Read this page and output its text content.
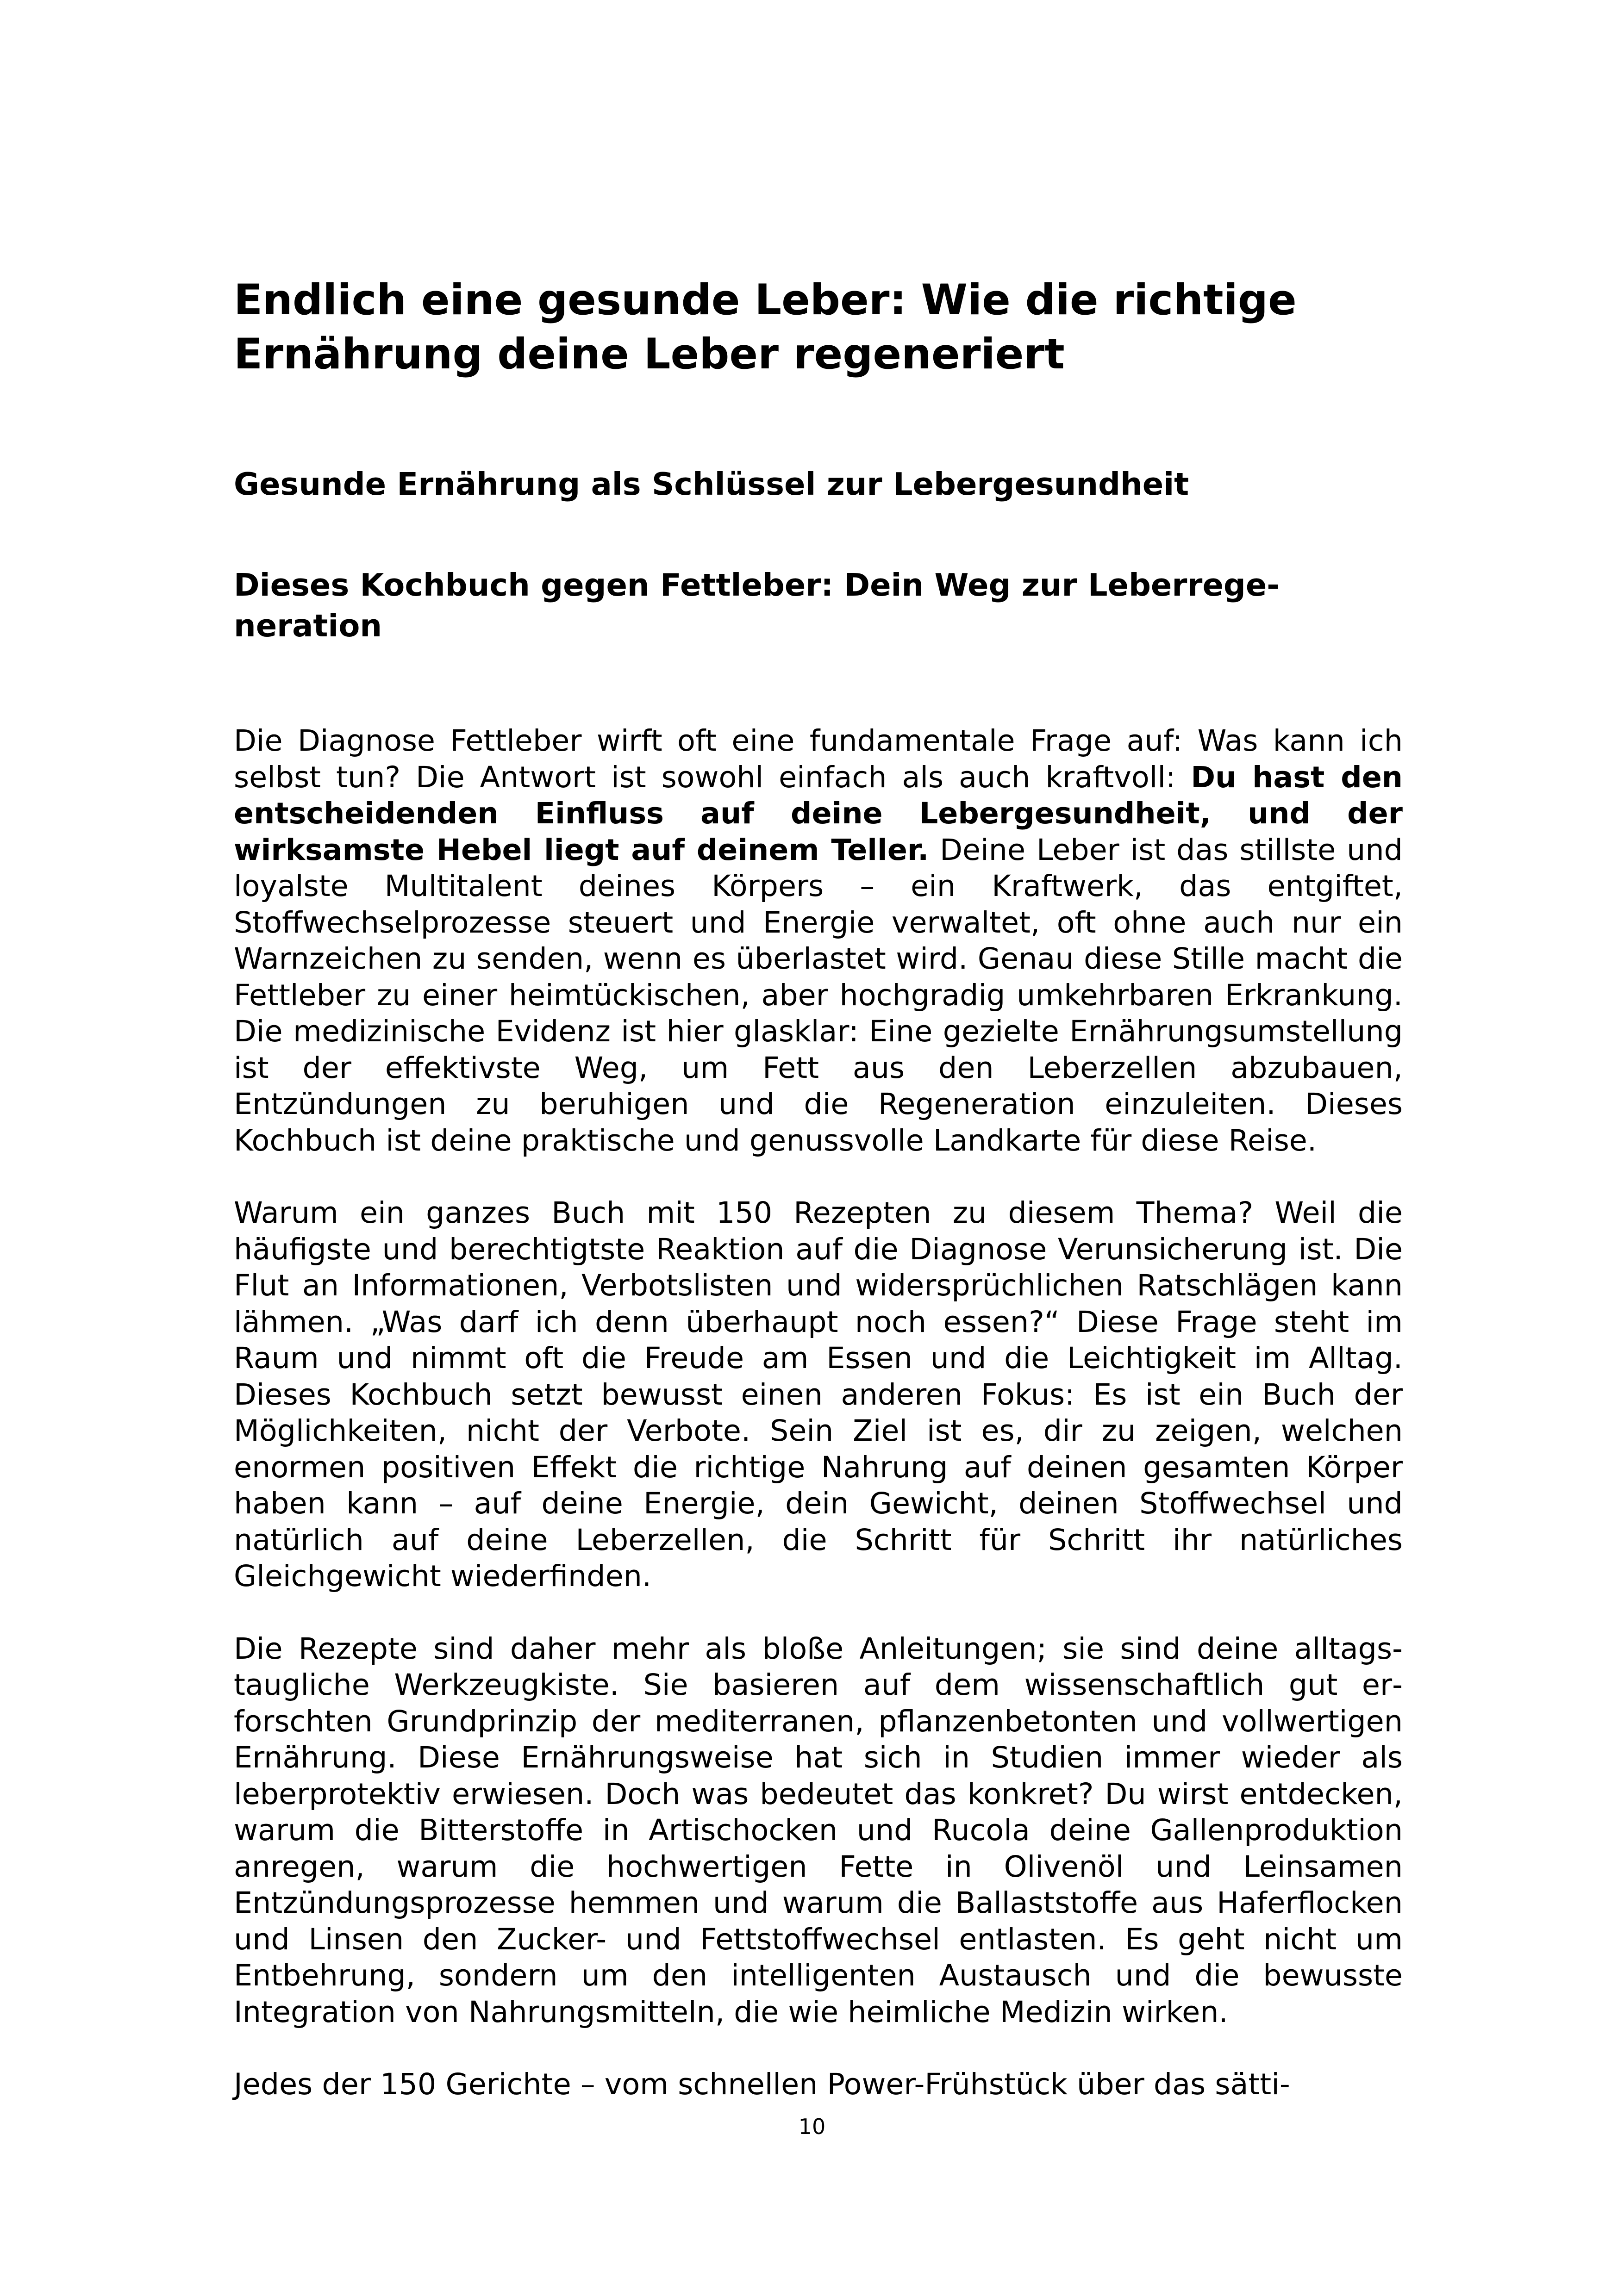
Endlich eine gesunde Leber: Wie die richtige Ernährung deine Leber regeneriert
Gesunde Ernährung als Schlüssel zur Lebergesundheit
Dieses Kochbuch gegen Fettleber: Dein Weg zur Leberregeneration

Die Diagnose Fettleber wirft oft eine fundamentale Frage auf: Was kann ich selbst tun? Die Antwort ist sowohl einfach als auch kraftvoll: Du hast den entscheidenden Einfluss auf deine Lebergesundheit, und der wirksamste Hebel liegt auf deinem Teller. Deine Leber ist das stillste und loyalste Multitalent deines Körpers – ein Kraftwerk, das entgiftet, Stoffwechselprozesse steuert und Energie verwaltet, oft ohne auch nur ein Warnzeichen zu senden, wenn es überlastet wird. Genau diese Stille macht die Fettleber zu einer heimtückischen, aber hochgradig umkehrbaren Erkrankung. Die medizinische Evidenz ist hier glasklar: Eine gezielte Ernährungsumstellung ist der effektivste Weg, um Fett aus den Leberzellen abzubauen, Entzündungen zu beruhigen und die Regeneration einzuleiten. Dieses Kochbuch ist deine praktische und genussvolle Landkarte für diese Reise.

Warum ein ganzes Buch mit 150 Rezepten zu diesem Thema? Weil die häufigste und berechtigtste Reaktion auf die Diagnose Verunsicherung ist. Die Flut an Informationen, Verbotslisten und widersprüchlichen Ratschlägen kann lähmen. „Was darf ich denn überhaupt noch essen?“ Diese Frage steht im Raum und nimmt oft die Freude am Essen und die Leichtigkeit im Alltag. Dieses Kochbuch setzt bewusst einen anderen Fokus: Es ist ein Buch der Möglichkeiten, nicht der Verbote. Sein Ziel ist es, dir zu zeigen, welchen enormen positiven Effekt die richtige Nahrung auf deinen gesamten Körper haben kann – auf deine Energie, dein Gewicht, deinen Stoffwechsel und natürlich auf deine Leberzellen, die Schritt für Schritt ihr natürliches Gleichgewicht wiederfinden.

Die Rezepte sind daher mehr als bloße Anleitungen; sie sind deine alltagstaugliche Werkzeugkiste. Sie basieren auf dem wissenschaftlich gut erforschten Grundprinzip der mediterranen, pflanzenbetonten und vollwertigen Ernährung. Diese Ernährungsweise hat sich in Studien immer wieder als leberprotektiv erwiesen. Doch was bedeutet das konkret? Du wirst entdecken, warum die Bitterstoffe in Artischocken und Rucola deine Gallenproduktion anregen, warum die hochwertigen Fette in Olivenöl und Leinsamen Entzündungsprozesse hemmen und warum die Ballaststoffe aus Haferflocken und Linsen den Zucker- und Fettstoffwechsel entlasten. Es geht nicht um Entbehrung, sondern um den intelligenten Austausch und die bewusste Integration von Nahrungsmitteln, die wie heimliche Medizin wirken.

Jedes der 150 Gerichte – vom schnellen Power-Frühstück über das sätti-

10
